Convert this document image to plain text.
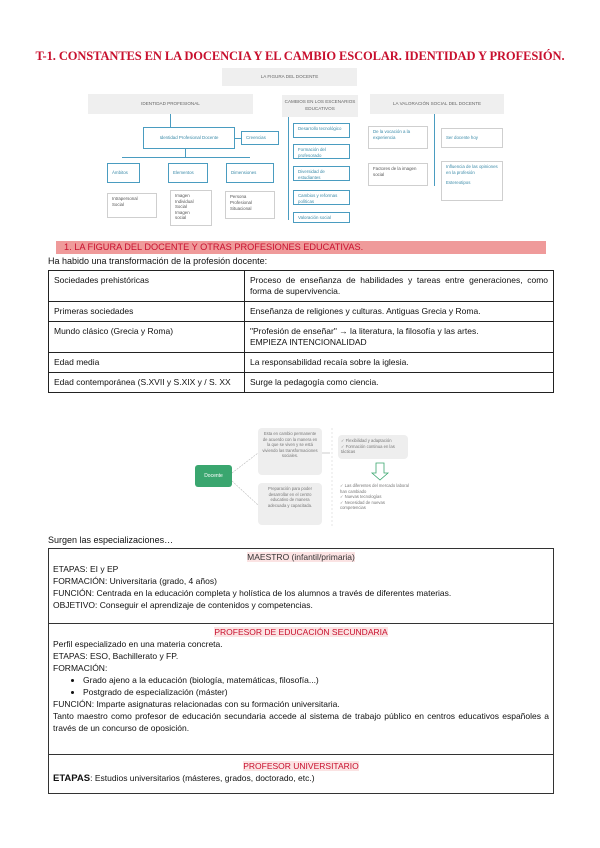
T-1. CONSTANTES EN LA DOCENCIA Y EL CAMBIO ESCOLAR. IDENTIDAD Y PROFESIÓN.
LA FIGURA DEL DOCENTE
IDENTIDAD PROFESIONAL
Identidad Profesional Docente	Creencias
Ámbitos	Elementos	Dimensiones
Intrapersonal
Social
Imagen
Individual
Social
Imagen
social
Persona
Profesional
Situacional
CAMBIOS EN LOS ESCENARIOS EDUCATIVOS
Desarrollo tecnológico
Formación del profesorado
Diversidad de estudiantes
Cambios y reformas políticas
Valoración social
LA VALORACIÓN SOCIAL DEL DOCENTE
De la vocación a la experiencia
Factores de la imagen social
Ser docente hoy
Influencia de las opiniones en la profesión
Estereotipos
1. LA FIGURA DEL DOCENTE Y OTRAS PROFESIONES EDUCATIVAS.
Ha habido una transformación de la profesión docente:
Sociedades prehistóricas	Proceso de enseñanza de habilidades y tareas entre generaciones, como forma de supervivencia.
Primeras sociedades	Enseñanza de religiones y culturas. Antiguas Grecia y Roma.
Mundo clásico (Grecia y Roma)	"Profesión de enseñar" → la literatura, la filosofía y las artes.
EMPIEZA INTENCIONALIDAD

Edad media	La responsabilidad recaía sobre la iglesia.
Edad contemporánea (S.XVII y S.XIX y / S. XX	Surge la pedagogía como ciencia.
Docente
Esta en cambio permanente de acuerdo con la manera en la que se viven y se está viviendo las transformaciones sociales.
Preparación para poder desarrollar en el centro educativo de manera adecuada y capacitada.
✓ Flexibilidad y adaptación
✓ Formación continua en las tácticas
✓ Las diferentes del mercado laboral han cambiado
✓ Nuevas tecnologías
✓ Necesidad de nuevas competencias
Surgen las especializaciones…
MAESTRO (infantil/primaria)
ETAPAS: EI y EP
FORMACIÓN: Universitaria (grado, 4 años)
FUNCIÓN: Centrada en la educación completa y holística de los alumnos a través de diferentes materias.
OBJETIVO: Conseguir el aprendizaje de contenidos y competencias.
PROFESOR DE EDUCACIÓN SECUNDARIA
Perfil especializado en una materia concreta.
ETAPAS: ESO, Bachillerato y FP.
FORMACIÓN:
• Grado ajeno a la educación (biología, matemáticas, filosofía...)
• Postgrado de especialización (máster)
FUNCIÓN: Imparte asignaturas relacionadas con su formación universitaria.
Tanto maestro como profesor de educación secundaria accede al sistema de trabajo público en centros educativos españoles a través de un concurso de oposición.
PROFESOR UNIVERSITARIO
ETAPAS: Estudios universitarios (másteres, grados, doctorado, etc.)
